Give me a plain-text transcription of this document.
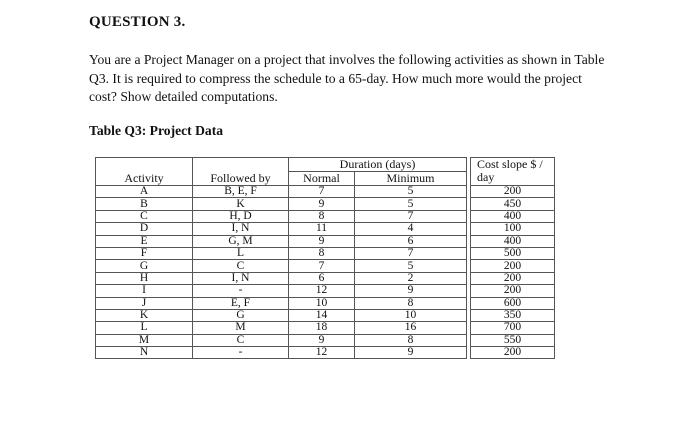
QUESTION 3.
You are a Project Manager on a project that involves the following activities as shown in Table Q3. It is required to compress the schedule to a 65-day. How much more would the project cost? Show detailed computations.
Table Q3: Project Data
Activity	Followed by	Duration (days)			Cost slope $ / day
		Normal	Minimum		
A	B, E, F	7	5		200
B	K	9	5		450
C	H, D	8	7		400
D	I, N	11	4		100
E	G, M	9	6		400
F	L	8	7		500
G	C	7	5		200
H	I, N	6	2		200
I	-	12	9		200
J	E, F	10	8		600
K	G	14	10		350
L	M	18	16		700
M	C	9	8		550
N	-	12	9		200
